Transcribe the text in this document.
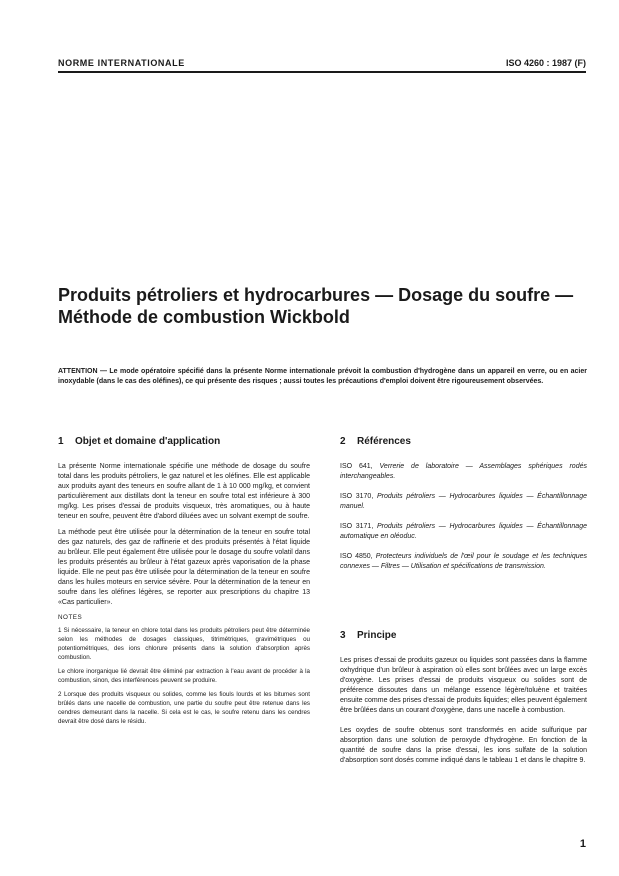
NORME INTERNATIONALE	ISO 4260 : 1987 (F)
Produits pétroliers et hydrocarbures — Dosage du soufre — Méthode de combustion Wickbold
ATTENTION — Le mode opératoire spécifié dans la présente Norme internationale prévoit la combustion d'hydrogène dans un appareil en verre, ou en acier inoxydable (dans le cas des oléfines), ce qui présente des risques ; aussi toutes les précautions d'emploi doivent être rigoureusement observées.
1 Objet et domaine d'application

La présente Norme internationale spécifie une méthode de dosage du soufre total dans les produits pétroliers, le gaz naturel et les oléfines. Elle est applicable aux produits ayant des teneurs en soufre allant de 1 à 10 000 mg/kg, et convient particulièrement aux distillats dont la teneur en soufre total est inférieure à 300 mg/kg. Les prises d'essai de produits visqueux, très aromatiques, ou à haute teneur en soufre, peuvent être d'abord diluées avec un solvant exempt de soufre.

La méthode peut être utilisée pour la détermination de la teneur en soufre total des gaz naturels, des gaz de raffinerie et des produits présentés à l'état liquide au brûleur. Elle peut également être utilisée pour le dosage du soufre volatil dans les produits présentés au brûleur à l'état gazeux après vaporisation de la phase liquide. Elle ne peut pas être utilisée pour la détermination de la teneur en soufre dans les huiles moteurs en service sévère. Pour la détermination de la teneur en soufre dans les oléfines légères, se reporter aux prescriptions du chapitre 13 «Cas particulier».

NOTES
1 Si nécessaire, la teneur en chlore total dans les produits pétroliers peut être déterminée selon les méthodes de dosages classiques, titrimétriques, gravimétriques ou potentiométriques, des ions chlorure présents dans la solution d'absorption après combustion.
Le chlore inorganique lié devrait être éliminé par extraction à l'eau avant de procéder à la combustion, sinon, des interférences peuvent se produire.
2 Lorsque des produits visqueux ou solides, comme les fiouls lourds et les bitumes sont brûlés dans une nacelle de combustion, une partie du soufre peut être retenue dans les cendres demeurant dans la nacelle. Si cela est le cas, le soufre retenu dans les cendres devrait être dosé dans le résidu.
2 Références
ISO 641, Verrerie de laboratoire — Assemblages sphériques rodés interchangeables.
ISO 3170, Produits pétroliers — Hydrocarbures liquides — Échantillonnage manuel.
ISO 3171, Produits pétroliers — Hydrocarbures liquides — Échantillonnage automatique en oléoduc.
ISO 4850, Protecteurs individuels de l'œil pour le soudage et les techniques connexes — Filtres — Utilisation et spécifications de transmission.
3 Principe

Les prises d'essai de produits gazeux ou liquides sont passées dans la flamme oxhydrique d'un brûleur à aspiration où elles sont brûlées avec un large excès d'oxygène. Les prises d'essai de produits visqueux ou solides sont de préférence dissoutes dans un mélange essence légère/toluène et traitées ensuite comme des prises d'essai de produits liquides; elles peuvent également être brûlées dans un courant d'oxygène, dans une nacelle à combustion.

Les oxydes de soufre obtenus sont transformés en acide sulfurique par absorption dans une solution de peroxyde d'hydrogène. En fonction de la quantité de soufre dans la prise d'essai, les ions sulfate de la solution d'absorption sont dosés comme indiqué dans le tableau 1 et dans le chapitre 9.

1
